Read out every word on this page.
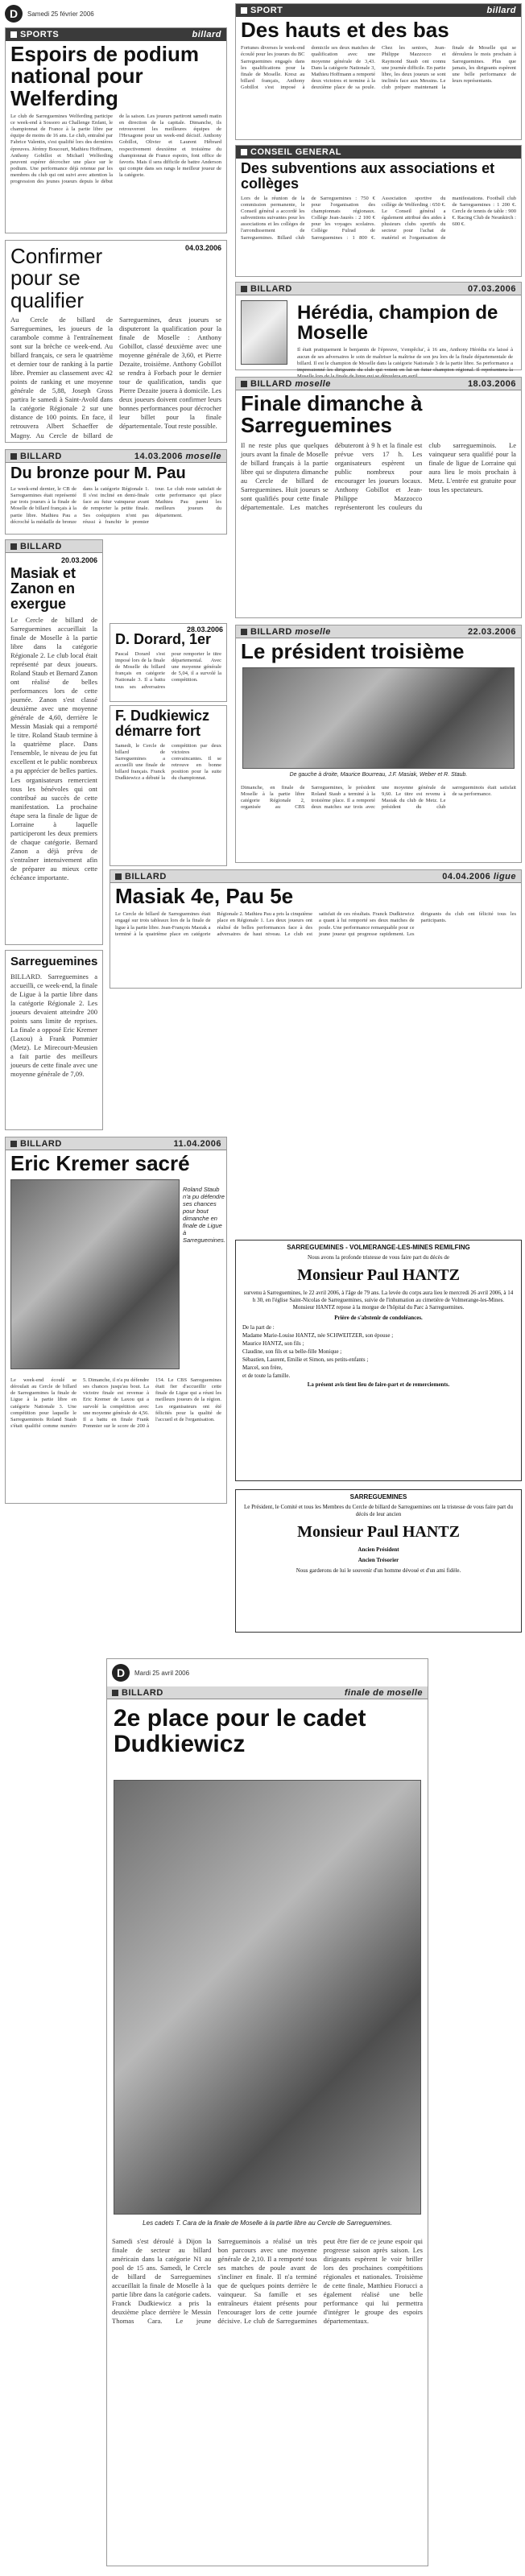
D	Samedi 25 février 2006
SPORTS	billard
Espoirs de podium national pour Welferding
Le club de Sarreguemines Welferding participe ce week-end à Sossoro au Challenge Enfant, le championnat de France à la partie libre par équipe de moins de 16 ans. Le club, entraîné par Fabrice Valentin, s'est qualifié lors des dernières épreuves. Jérémy Boucourt, Mathieu Hoffmann, Anthony Gobillot et Michaël Welferding peuvent espérer décrocher une place sur le podium. Une performance déjà retenue par les membres du club qui ont suivi avec attention la progression des jeunes joueurs depuis le début de la saison. Les joueurs partiront samedi matin en direction de la capitale. Dimanche, ils retrouveront les meilleures équipes de l'Hexagone pour un week-end décisif. Anthony Gobillot, Olivier et Laurent Hébrard respectivement deuxième et troisième du championnat de France espoirs, font office de favoris. Mais il sera difficile de battre Anderson qui compte dans ses rangs le meilleur joueur de la catégorie.
SPORT	billard
Des hauts et des bas
Fortunes diverses le week-end écoulé pour les joueurs du BC Sarreguemines engagés dans les qualifications pour la finale de Moselle. Kresz au billard français, Anthony Gobillot s'est imposé à domicile ses deux matches de qualification avec une moyenne générale de 3,43. Dans la catégorie Nationale 3, Mathieu Hoffmann a remporté deux victoires et termine à la deuxième place de sa poule. Chez les seniors, Jean-Philippe Mazzocco et Raymond Staub ont connu une journée difficile. En partie libre, les deux joueurs se sont inclinés face aux Messins. Le club prépare maintenant la finale de Moselle qui se déroulera le mois prochain à Sarreguemines. Plus que jamais, les dirigeants espèrent une belle performance de leurs représentants.
CONSEIL GENERAL
Des subventions aux associations et collèges
Lors de la réunion de la commission permanente, le Conseil général a accordé les subventions suivantes pour les associations et les collèges de l'arrondissement de Sarreguemines. Billard club de Sarreguemines : 750 € pour l'organisation des championnats régionaux. Collège Jean-Jaurès : 2 100 € pour les voyages scolaires. Collège Fulrad de Sarreguemines : 1 800 €. Association sportive du collège de Welferding : 650 €. Le Conseil général a également attribué des aides à plusieurs clubs sportifs du secteur pour l'achat de matériel et l'organisation de manifestations. Football club de Sarreguemines : 1 200 €. Cercle de tennis de table : 900 €. Racing Club de Neunkirch : 600 €.
04.03.2006
Confirmer pour se qualifier
Au Cercle de billard de Sarreguemines, les joueurs de la carambole comme à l'entraînement sont sur la brèche ce week-end. Au billard français, ce sera le quatrième et dernier tour de ranking à la partie libre. Premier au classement avec 42 points de ranking et une moyenne générale de 5,88, Joseph Gross partira le samedi à Saint-Avold dans la catégorie Régionale 2 sur une distance de 100 points. En face, il retrouvera Albert Schaeffer de Magny. Au Cercle de billard de Sarreguemines, deux joueurs se disputeront la qualification pour la finale de Moselle : Anthony Gobillot, classé deuxième avec une moyenne générale de 3,60, et Pierre Dezaite, troisième. Anthony Gobillot se rendra à Forbach pour le dernier tour de qualification, tandis que Pierre Dezaite jouera à domicile. Les deux joueurs doivent confirmer leurs bonnes performances pour décrocher leur billet pour la finale départementale. Tout reste possible.
BILLARD	07.03.2006
Hérédia, champion de Moselle
Il était pratiquement le benjamin de l'épreuve, 's'empêcha', à 16 ans, Anthony Hérédia n'a laissé à aucun de ses adversaires le soin de maîtriser la maîtrise de son jeu lors de la finale départementale de billard. Il est le champion de Moselle dans la catégorie Nationale 3 de la partie libre. Sa performance a impressionné les dirigeants du club qui voient en lui un futur champion régional. Il représentera la
BILLARD moselle	18.03.2006
Finale dimanche à Sarreguemines
Il ne reste plus que quelques jours avant la finale de Moselle de billard français à la partie libre qui se disputera dimanche au Cercle de billard de Sarreguemines. Huit joueurs se sont qualifiés pour cette finale départementale. Les matches débuteront à 9 h et la finale est prévue vers 17 h. Les organisateurs espèrent un public nombreux pour encourager les joueurs locaux. Anthony Gobillot et Jean-Philippe Mazzocco représenteront les couleurs du club sarregueminois. Le vainqueur sera qualifié pour la finale de ligue de Lorraine qui aura lieu le mois prochain à Metz. L'entrée est gratuite pour tous les spectateurs.
BILLARD	14.03.2006 moselle
Du bronze pour M. Pau
Le week-end dernier, le CB de Sarreguemines était représenté par trois joueurs à la finale de Moselle de billard français à la partie libre. Mathieu Pau a décroché la médaille de bronze dans la catégorie Régionale 1. Il s'est incliné en demi-finale face au futur vainqueur avant de remporter la petite finale. Ses coéquipiers n'ont pas réussi à franchir le premier tour. Le club reste satisfait de cette performance qui place Mathieu Pau parmi les meilleurs joueurs du département.
BILLARD
20.03.2006
Masiak et Zanon en exergue
Le Cercle de billard de Sarreguemines accueillait la finale de Moselle à la partie libre dans la catégorie Régionale 2. Le club local était représenté par deux joueurs. Roland Staub et Bernard Zanon ont réalisé de belles performances lors de cette journée. Zanon s'est classé deuxième avec une moyenne générale de 4,60, derrière le Messin Masiak qui a remporté le titre. Roland Staub termine à la quatrième place. Dans l'ensemble, le niveau de jeu fut excellent et le public nombreux a pu apprécier de belles parties. Les organisateurs remercient tous les bénévoles qui ont contribué au succès de cette manifestation. La prochaine étape sera la finale de ligue de Lorraine à laquelle participeront les deux premiers de chaque catégorie. Bernard Zanon a déjà prévu de s'entraîner intensivement afin de préparer au mieux cette échéance importante.
28.03.2006
D. Dorard, 1er
Pascal Dorard s'est imposé lors de la finale de Moselle du billard français en catégorie Nationale 3. Il a battu tous ses adversaires pour remporter le titre départemental. Avec une moyenne générale de 5,04, il a survolé la compétition.
F. Dudkiewicz démarre fort
Samedi, le Cercle de billard de Sarreguemines a accueilli une finale de billard français. Franck Dudkiewicz a débuté la compétition par deux victoires convaincantes. Il se retrouve en bonne position pour la suite du championnat.
BILLARD moselle	22.03.2006
Le président troisième
De gauche à droite, Maurice Bourreau, J.F. Masiak, Weber et R. Staub.
Dimanche, en finale de Moselle à la partie libre catégorie Régionale 2, organisée au CBS Sarreguemines, le président Roland Staub a terminé à la troisième place. Il a remporté deux matches sur trois avec une moyenne générale de 9,60. Le titre est revenu à Masiak du club de Metz. Le président du club sarregueminois était satisfait de sa performance.
Sarreguemines
BILLARD. Sarreguemines a accueilli, ce week-end, la finale de Ligue à la partie libre dans la catégorie Régionale 2. Les joueurs devaient atteindre 200 points sans limite de reprises. La finale a opposé Eric Kremer (Laxou) à Frank Pommier (Metz). Le Mirecourt-Meusien a fait partie des meilleurs joueurs de cette finale avec une moyenne générale de 7,09.
BILLARD	04.04.2006 ligue
Masiak 4e, Pau 5e
Le Cercle de billard de Sarreguemines était engagé sur trois tableaux lors de la finale de ligue à la partie libre. Jean-François Masiak a terminé à la quatrième place en catégorie Régionale 2. Mathieu Pau a pris la cinquième place en Régionale 1. Les deux joueurs ont réalisé de belles performances face à des adversaires de haut niveau. Le club est satisfait de ces résultats. Franck Dudkiewicz a quant à lui remporté ses deux matches de poule. Une performance remarquable pour ce jeune joueur qui progresse rapidement. Les dirigeants du club ont félicité tous les participants.
BILLARD	11.04.2006
Eric Kremer sacré
Roland Staub n'a pu défendre ses chances pour bout dimanche en finale de Ligue à Sarreguemines.
Le week-end écoulé se déroulait au Cercle de billard de Sarreguemines la finale de Ligue à la partie libre en catégorie Nationale 3. Une compétition pour laquelle le Sarregueminois Roland Staub s'était qualifié comme numéro 5. Dimanche, il n'a pu défendre ses chances jusqu'au bout. La victoire finale est revenue à Eric Kremer de Laxou qui a survolé la compétition avec une moyenne générale de 4,56. Il a battu en finale Frank Pommier sur le score de 200 à 154. Le CBS Sarreguemines était fier d'accueillir cette finale de Ligue qui a réuni les meilleurs joueurs de la région. Les organisateurs ont été félicités pour la qualité de l'accueil et de l'organisation.
SARREGUEMINES - VOLMERANGE-LES-MINES REMILFING
Nous avons la profonde tristesse de vous faire part du décès de
Monsieur Paul HANTZ
survenu à Sarreguemines, le 22 avril 2006, à l'âge de 79 ans. La levée du corps aura lieu le mercredi 26 avril 2006, à 14 h 30, en l'église Saint-Nicolas de Sarreguemines, suivie de l'inhumation au cimetière de Volmerange-les-Mines. Monsieur HANTZ repose à la morgue de l'hôpital du Parc à Sarreguemines.
Prière de s'abstenir de condoléances.
De la part de :
Madame Marie-Louise HANTZ, née SCHWEITZER, son épouse ;
Maurice HANTZ, son fils ;
Claudine, son fils et sa belle-fille Monique ;
Sébastien, Laurent, Emilie et Simon, ses petits-enfants ;
Marcel, son frère,
et de toute la famille.
La présent avis tient lieu de faire-part et de remerciements.
SARREGUEMINES
Le Président, le Comité et tous les Membres du Cercle de billard de Sarreguemines ont la tristesse de vous faire part du décès de leur ancien
Monsieur Paul HANTZ
Ancien Président
Ancien Trésorier
Nous garderons de lui le souvenir d'un homme dévoué et d'un ami fidèle.
D	Mardi 25 avril 2006
BILLARD	finale de moselle
2e place pour le cadet Dudkiewicz
Les cadets T. Cara de la finale de Moselle à la partie libre au Cercle de Sarreguemines.
Samedi s'est déroulé à Dijon la finale de secteur au billard américain dans la catégorie N1 au pool de 15 ans. Samedi, le Cercle de billard de Sarreguemines accueillait la finale de Moselle à la partie libre dans la catégorie cadets. Franck Dudkiewicz a pris la deuxième place derrière le Messin Thomas Cara. Le jeune Sarregueminois a réalisé un très bon parcours avec une moyenne générale de 2,10. Il a remporté tous ses matches de poule avant de s'incliner en finale. Il n'a terminé que de quelques points derrière le vainqueur. Sa famille et ses entraîneurs étaient présents pour l'encourager lors de cette journée décisive. Le club de Sarreguemines peut être fier de ce jeune espoir qui progresse saison après saison. Les dirigeants espèrent le voir briller lors des prochaines compétitions régionales et nationales. Troisième de cette finale, Matthieu Fiorucci a également réalisé une belle performance qui lui permettra d'intégrer le groupe des espoirs départementaux.
